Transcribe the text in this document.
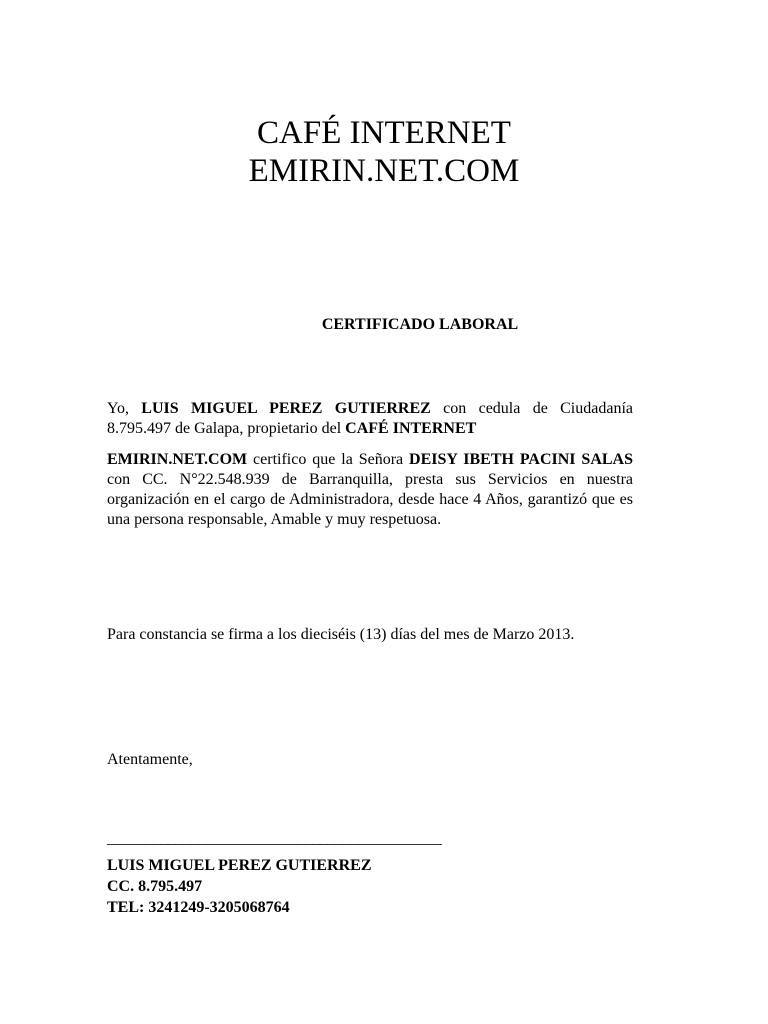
CAFÉ INTERNET
EMIRIN.NET.COM
CERTIFICADO LABORAL

Yo, LUIS MIGUEL PEREZ GUTIERREZ con cedula de Ciudadanía 8.795.497 de Galapa, propietario del CAFÉ INTERNET
EMIRIN.NET.COM certifico que la Señora DEISY IBETH PACINI SALAS con CC. N°22.548.939 de Barranquilla, presta sus Servicios en nuestra organización en el cargo de Administradora, desde hace 4 Años, garantizó que es una persona responsable, Amable y muy respetuosa.

Para constancia se firma a los dieciséis (13) días del mes de Marzo 2013.

Atentamente,

____________________________________________

LUIS MIGUEL PEREZ GUTIERREZ
CC. 8.795.497
TEL: 3241249-3205068764
